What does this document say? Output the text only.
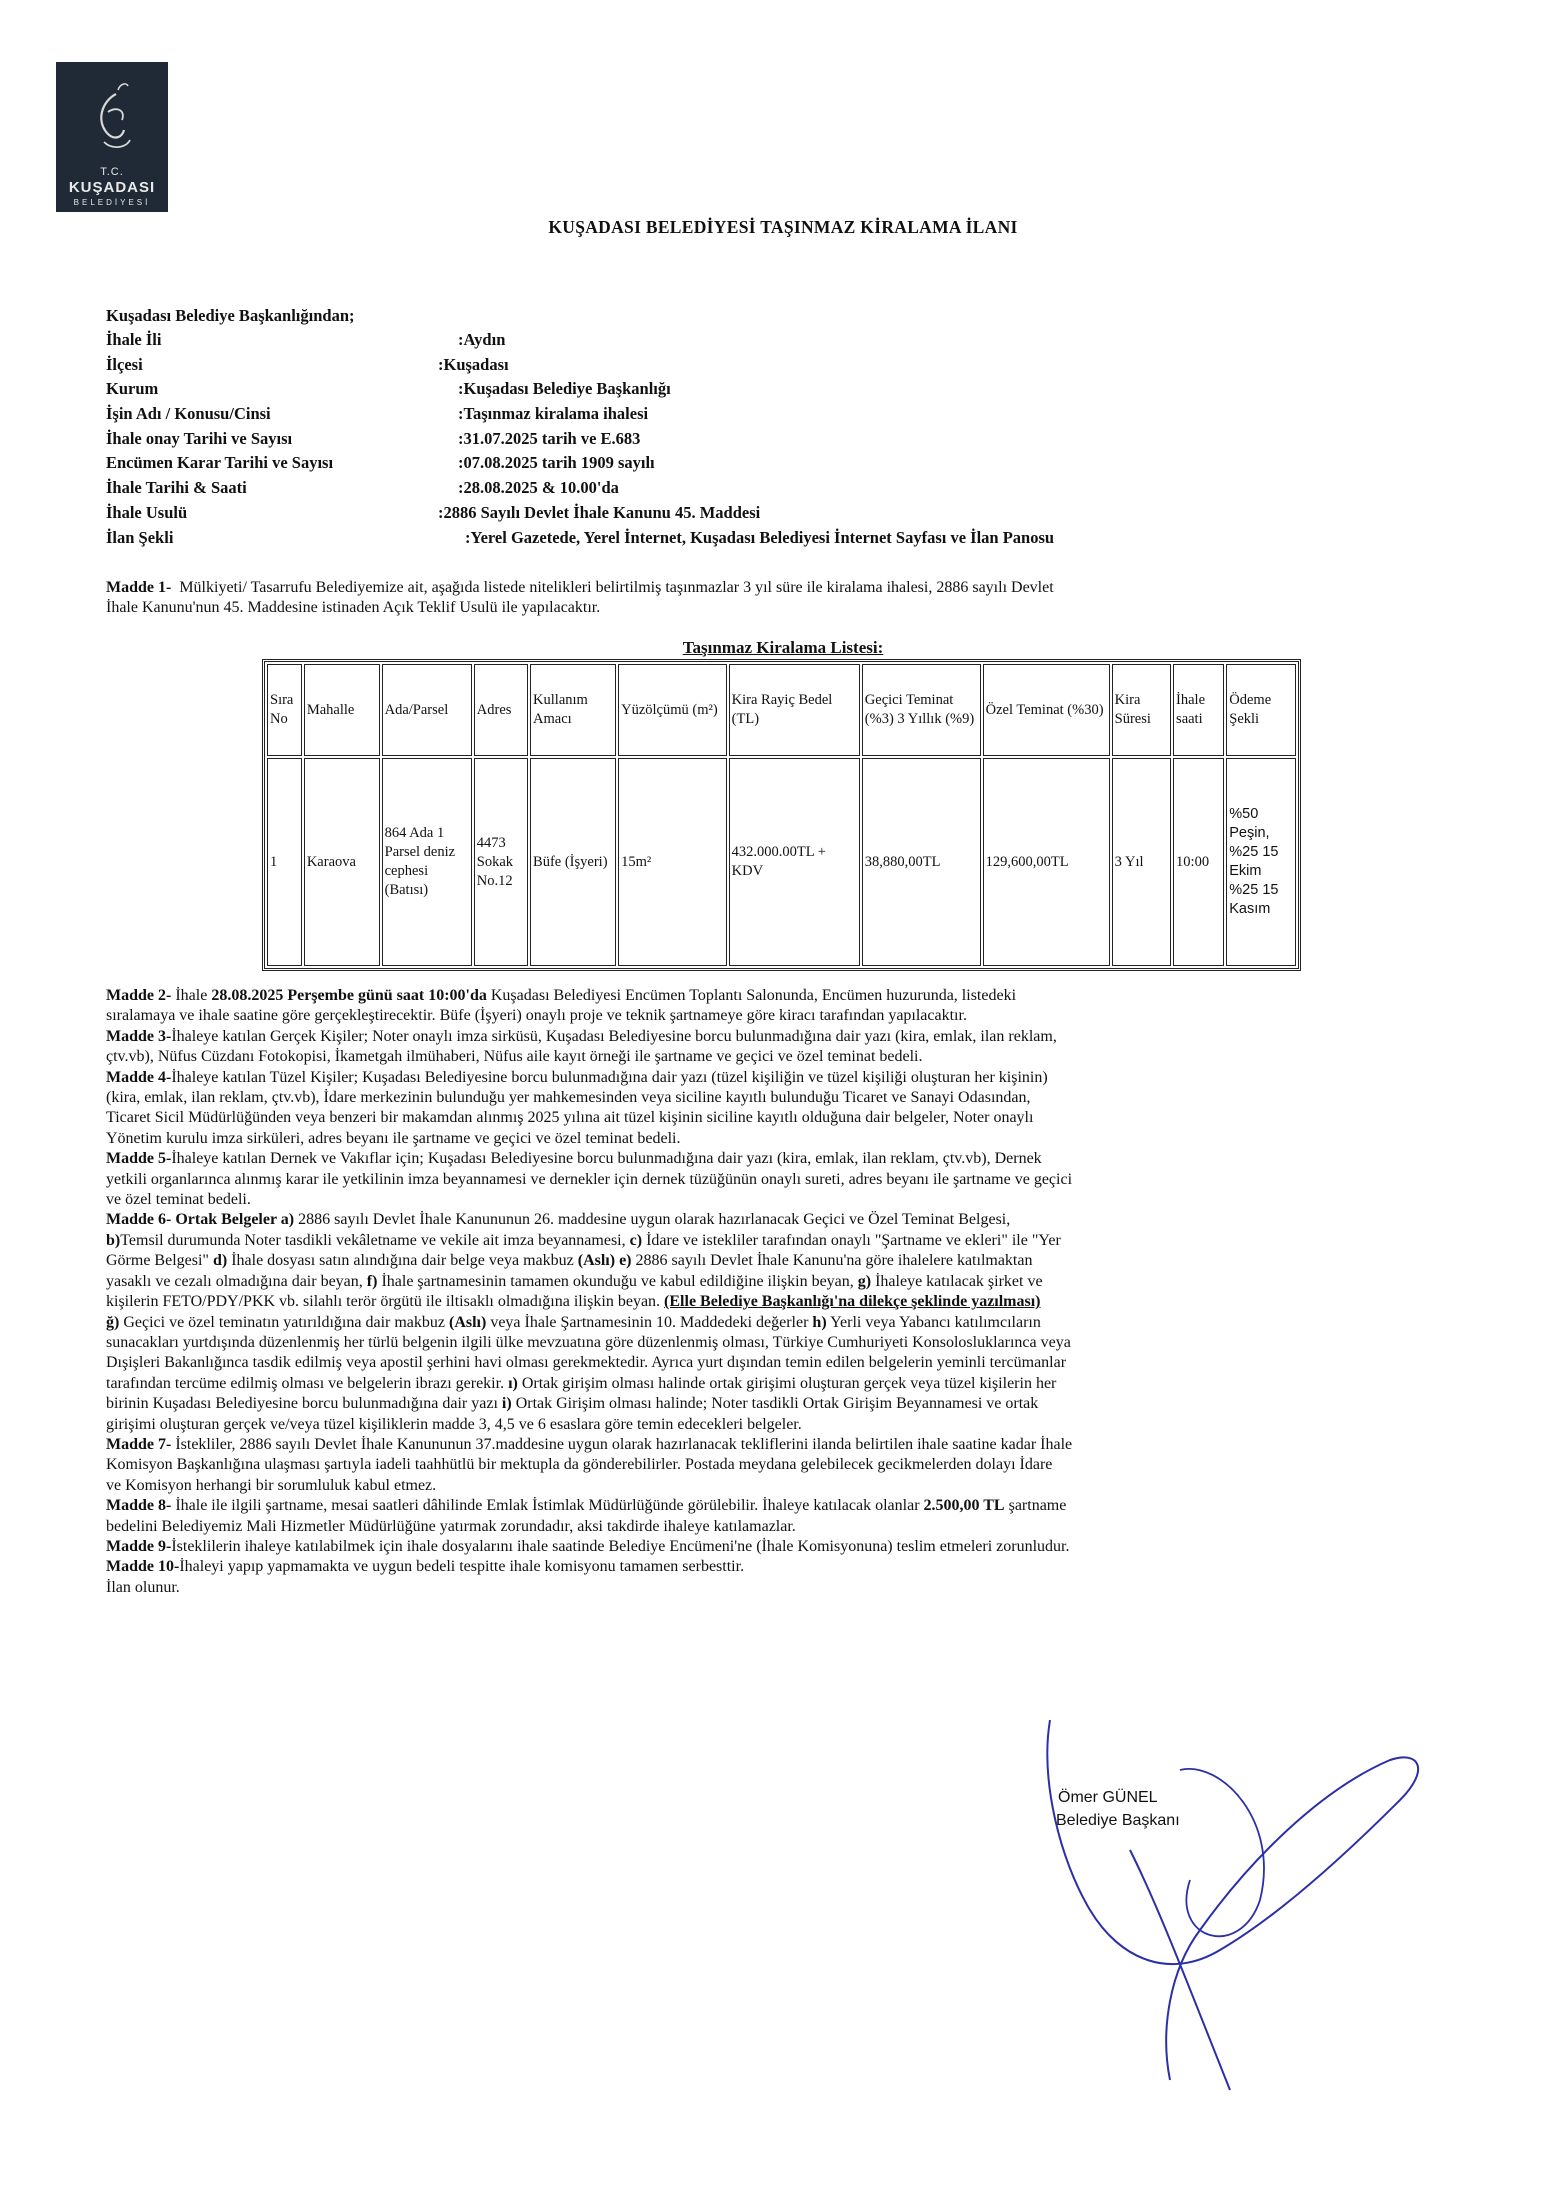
T.C.
KUŞADASI
BELEDİYESİ
KUŞADASI BELEDİYESİ TAŞINMAZ KİRALAMA İLANI
Kuşadası Belediye Başkanlığından;
İhale İli	:Aydın
İlçesi	:Kuşadası
Kurum	:Kuşadası Belediye Başkanlığı
İşin Adı / Konusu/Cinsi	:Taşınmaz kiralama ihalesi
İhale onay Tarihi ve Sayısı	:31.07.2025 tarih ve E.683
Encümen Karar Tarihi ve Sayısı	:07.08.2025 tarih 1909 sayılı
İhale Tarihi & Saati	:28.08.2025 & 10.00'da
İhale Usulü	:2886 Sayılı Devlet İhale Kanunu 45. Maddesi
İlan Şekli	:Yerel Gazetede, Yerel İnternet, Kuşadası Belediyesi İnternet Sayfası ve İlan Panosu
Madde 1- Mülkiyeti/ Tasarrufu Belediyemize ait, aşağıda listede nitelikleri belirtilmiş taşınmazlar 3 yıl süre ile kiralama ihalesi, 2886 sayılı Devlet
İhale Kanunu'nun 45. Maddesine istinaden Açık Teklif Usulü ile yapılacaktır.
Taşınmaz Kiralama Listesi:
Sıra No	Mahalle	Ada/Parsel	Adres	Kullanım Amacı	Yüzölçümü (m²)	Kira Rayiç Bedel (TL)	Geçici Teminat (%3) 3 Yıllık (%9)	Özel Teminat (%30)	Kira Süresi	İhale saati	Ödeme Şekli
1	Karaova	864 Ada 1 Parsel deniz cephesi (Batısı)	4473 Sokak No.12	Büfe (İşyeri)	15m²	432.000.00TL + KDV	38,880,00TL	129,600,00TL	3 Yıl	10:00	%50 Peşin, %25 15 Ekim %25 15 Kasım
Madde 2- İhale 28.08.2025 Perşembe günü saat 10:00'da Kuşadası Belediyesi Encümen Toplantı Salonunda, Encümen huzurunda, listedeki
sıralamaya ve ihale saatine göre gerçekleştirecektir. Büfe (İşyeri) onaylı proje ve teknik şartnameye göre kiracı tarafından yapılacaktır.
Madde 3-İhaleye katılan Gerçek Kişiler; Noter onaylı imza sirküsü, Kuşadası Belediyesine borcu bulunmadığına dair yazı (kira, emlak, ilan reklam,
çtv.vb), Nüfus Cüzdanı Fotokopisi, İkametgah ilmühaberi, Nüfus aile kayıt örneği ile şartname ve geçici ve özel teminat bedeli.
Madde 4-İhaleye katılan Tüzel Kişiler; Kuşadası Belediyesine borcu bulunmadığına dair yazı (tüzel kişiliğin ve tüzel kişiliği oluşturan her kişinin)
(kira, emlak, ilan reklam, çtv.vb), İdare merkezinin bulunduğu yer mahkemesinden veya siciline kayıtlı bulunduğu Ticaret ve Sanayi Odasından,
Ticaret Sicil Müdürlüğünden veya benzeri bir makamdan alınmış 2025 yılına ait tüzel kişinin siciline kayıtlı olduğuna dair belgeler, Noter onaylı
Yönetim kurulu imza sirküleri, adres beyanı ile şartname ve geçici ve özel teminat bedeli.
Madde 5-İhaleye katılan Dernek ve Vakıflar için; Kuşadası Belediyesine borcu bulunmadığına dair yazı (kira, emlak, ilan reklam, çtv.vb), Dernek
yetkili organlarınca alınmış karar ile yetkilinin imza beyannamesi ve dernekler için dernek tüzüğünün onaylı sureti, adres beyanı ile şartname ve geçici
ve özel teminat bedeli.
Madde 6- Ortak Belgeler a) 2886 sayılı Devlet İhale Kanununun 26. maddesine uygun olarak hazırlanacak Geçici ve Özel Teminat Belgesi,
b)Temsil durumunda Noter tasdikli vekâletname ve vekile ait imza beyannamesi, c) İdare ve istekliler tarafından onaylı "Şartname ve ekleri" ile "Yer
Görme Belgesi" d) İhale dosyası satın alındığına dair belge veya makbuz (Aslı) e) 2886 sayılı Devlet İhale Kanunu'na göre ihalelere katılmaktan
yasaklı ve cezalı olmadığına dair beyan, f) İhale şartnamesinin tamamen okunduğu ve kabul edildiğine ilişkin beyan, g) İhaleye katılacak şirket ve
kişilerin FETO/PDY/PKK vb. silahlı terör örgütü ile iltisaklı olmadığına ilişkin beyan. (Elle Belediye Başkanlığı'na dilekçe şeklinde yazılması)
ğ) Geçici ve özel teminatın yatırıldığına dair makbuz (Aslı) veya İhale Şartnamesinin 10. Maddedeki değerler h) Yerli veya Yabancı katılımcıların
sunacakları yurtdışında düzenlenmiş her türlü belgenin ilgili ülke mevzuatına göre düzenlenmiş olması, Türkiye Cumhuriyeti Konsolosluklarınca veya
Dışişleri Bakanlığınca tasdik edilmiş veya apostil şerhini havi olması gerekmektedir. Ayrıca yurt dışından temin edilen belgelerin yeminli tercümanlar
tarafından tercüme edilmiş olması ve belgelerin ibrazı gerekir. ı) Ortak girişim olması halinde ortak girişimi oluşturan gerçek veya tüzel kişilerin her
birinin Kuşadası Belediyesine borcu bulunmadığına dair yazı i) Ortak Girişim olması halinde; Noter tasdikli Ortak Girişim Beyannamesi ve ortak
girişimi oluşturan gerçek ve/veya tüzel kişiliklerin madde 3, 4,5 ve 6 esaslara göre temin edecekleri belgeler.
Madde 7- İstekliler, 2886 sayılı Devlet İhale Kanununun 37.maddesine uygun olarak hazırlanacak tekliflerini ilanda belirtilen ihale saatine kadar İhale
Komisyon Başkanlığına ulaşması şartıyla iadeli taahhütlü bir mektupla da gönderebilirler. Postada meydana gelebilecek gecikmelerden dolayı İdare
ve Komisyon herhangi bir sorumluluk kabul etmez.
Madde 8- İhale ile ilgili şartname, mesai saatleri dâhilinde Emlak İstimlak Müdürlüğünde görülebilir. İhaleye katılacak olanlar 2.500,00 TL şartname
bedelini Belediyemiz Mali Hizmetler Müdürlüğüne yatırmak zorundadır, aksi takdirde ihaleye katılamazlar.
Madde 9-İsteklilerin ihaleye katılabilmek için ihale dosyalarını ihale saatinde Belediye Encümeni'ne (İhale Komisyonuna) teslim etmeleri zorunludur.
Madde 10-İhaleyi yapıp yapmamakta ve uygun bedeli tespitte ihale komisyonu tamamen serbesttir.
İlan olunur.
Ömer GÜNEL
Belediye Başkanı
